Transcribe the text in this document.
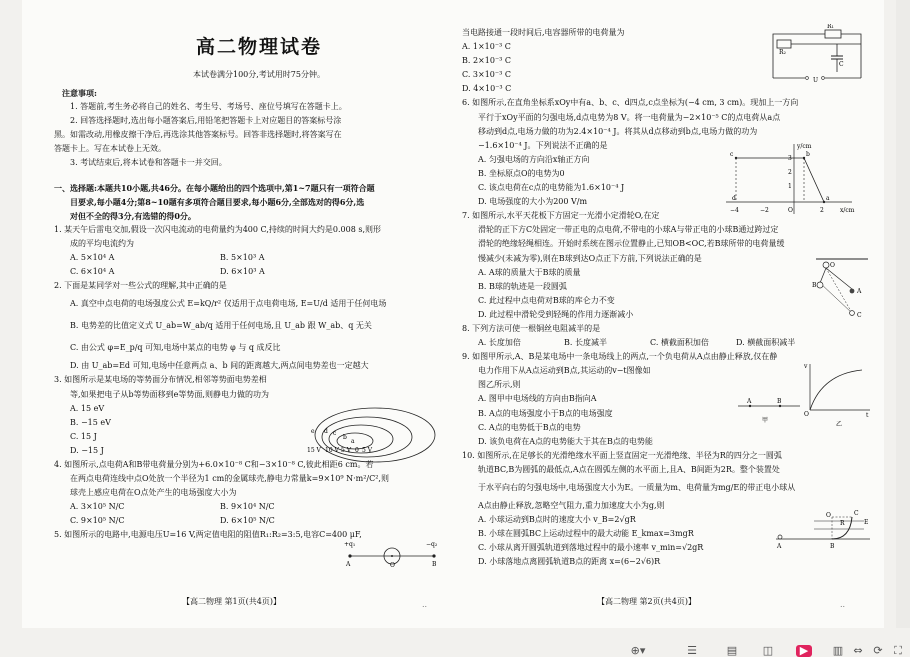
高二物理试卷
本试卷满分100分,考试用时75分钟。
注意事项:
1. 答题前,考生务必将自己的姓名、考生号、考场号、座位号填写在答题卡上。
2. 回答选择题时,选出每小题答案后,用铅笔把答题卡上对应题目的答案标号涂
黑。如需改动,用橡皮擦干净后,再选涂其他答案标号。回答非选择题时,将答案写在
答题卡上。写在本试卷上无效。
3. 考试结束后,将本试卷和答题卡一并交回。
一、选择题:本题共10小题,共46分。在每小题给出的四个选项中,第1~7题只有一项符合题
目要求,每小题4分;第8~10题有多项符合题目要求,每小题6分,全部选对的得6分,选
对但不全的得3分,有选错的得0分。
1. 某天午后雷电交加,假设一次闪电流动的电荷量约为400 C,持续的时间大约是0.008 s,则形
成的平均电流约为
A. 5×10⁴ A	B. 5×10³ A
C. 6×10⁴ A	D. 6×10³ A
2. 下面是某同学对一些公式的理解,其中正确的是
A. 真空中点电荷的电场强度公式 E=kQ/r² 仅适用于点电荷电场, E=U/d 适用于任何电场
B. 电势差的比值定义式 U_ab=W_ab/q 适用于任何电场,且 U_ab 跟 W_ab、q 无关
C. 由公式 φ=E_p/q 可知,电场中某点的电势 φ 与 q 成反比
D. 由 U_ab=Ed 可知,电场中任意两点 a、b 间的距离越大,两点间电势差也一定越大
3. 如图所示是某电场的等势面分布情况,相邻等势面电势差相
等,如果把电子从b等势面移到e等势面,则静电力做的功为
A. 15 eV
B. −15 eV
C. 15 J
D. −15 J
4. 如图所示,点电荷A和B带电荷量分别为+6.0×10⁻⁸ C和−3×10⁻⁸ C,彼此相距6 cm。若
在两点电荷连线中点O处放一个半径为1 cm的金属球壳,静电力常量k=9×10⁹ N·m²/C²,则
球壳上感应电荷在O点处产生的电场强度大小为
A. 3×10⁵ N/C	B. 9×10⁴ N/C
C. 9×10⁵ N/C	D. 6×10⁵ N/C
5. 如图所示的电路中,电源电压U=16 V,两定值电阻的阻值R₁:R₂=3:5,电容C=400 μF,
e d c
b
a
15 V 10 V 5 V 0 5 V
+q₁	−q₂
A	O	B
【高二物理 第1页(共4页)】	..
当电路接通一段时间后,电容器所带的电荷量为
A. 1×10⁻³ C
B. 2×10⁻³ C
C. 3×10⁻³ C
D. 4×10⁻³ C
6. 如图所示,在直角坐标系xOy中有a、b、c、d四点,c点坐标为(−4 cm, 3 cm)。现加上一方向
平行于xOy平面的匀强电场,d点电势为8 V。将一电荷量为−2×10⁻⁵ C的点电荷从a点
移动到d点,电场力做的功为2.4×10⁻⁴ J。将其从d点移动到b点,电场力做的功为
−1.6×10⁻⁴ J。下列说法不正确的是
A. 匀强电场的方向沿x轴正方向
B. 坐标原点O的电势为0
C. 该点电荷在c点的电势能为1.6×10⁻⁴ J
D. 电场强度的大小为200 V/m
7. 如图所示,水平天花板下方固定一光滑小定滑轮O,在定
滑轮的正下方C处固定一带正电的点电荷,不带电的小球A与带正电的小球B通过跨过定
滑轮的绝缘轻绳相连。开始时系统在图示位置静止,已知OB<OC,若B球所带的电荷量缓
慢减少(未减为零),则在B球到达O点正下方前,下列说法正确的是
A. A球的质量大于B球的质量
B. B球的轨迹是一段圆弧
C. 此过程中点电荷对B球的库仑力不变
D. 此过程中滑轮受到轻绳的作用力逐渐减小
8. 下列方法可使一根铜丝电阻减半的是
A. 长度加倍	B. 长度减半	C. 横截面积加倍	D. 横截面积减半
9. 如图甲所示,A、B是某电场中一条电场线上的两点,一个负电荷从A点由静止释放,仅在静
电力作用下从A点运动到B点,其运动的v−t图像如
图乙所示,则
A. 图甲中电场线的方向由B指向A
B. A点的电场强度小于B点的电场强度
C. A点的电势低于B点的电势
D. 该负电荷在A点的电势能大于其在B点的电势能
10. 如图所示,在足够长的光滑绝缘水平面上竖直固定一光滑绝缘、半径为R的四分之一圆弧
轨道BC,B为圆弧的最低点,A点在圆弧左侧的水平面上,且A、B间距为2R。整个装置处
于水平向右的匀强电场中,电场强度大小为E。一质量为m、电荷量为mg/E的带正电小球从
A点由静止释放,忽略空气阻力,重力加速度大小为g,则
A. 小球运动到B点时的速度大小 v_B=2√gR
B. 小球在圆弧BC上运动过程中的最大动能 E_kmax=3mgR
C. 小球从离开圆弧轨道到落地过程中的最小速率 v_min=√2gR
D. 小球落地点离圆弧轨道B点的距离 x=(6−2√6)R
R₁
R₂
C
U
y/cm
x/cm
c
3
b
2
1
a
d
−4	−2	O	2
O
B
A
C
A	B
甲
v
O	t
乙
C
E
O
R
A	B
【高二物理 第2页(共4页)】	..
⊕▾	☰	▤ ◫	▶	▥ ⇔ ⟳	⛶
